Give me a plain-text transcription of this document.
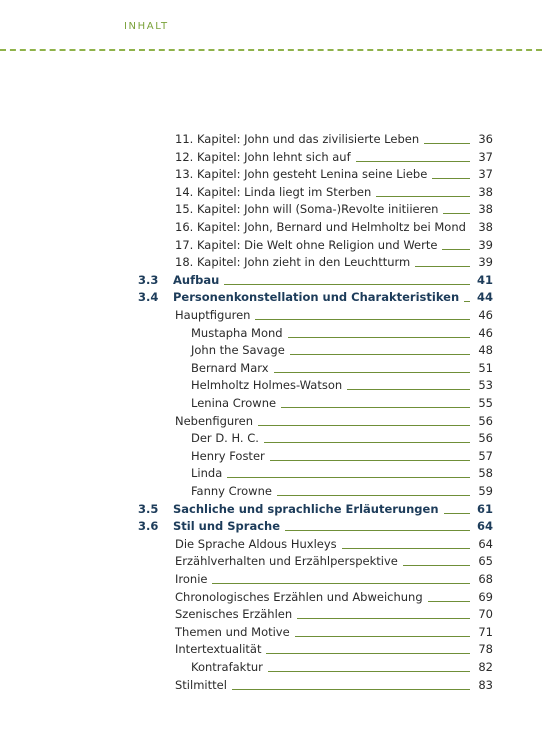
INHALT
11. Kapitel: John und das zivilisierte Leben	36
12. Kapitel: John lehnt sich auf	37
13. Kapitel: John gesteht Lenina seine Liebe	37
14. Kapitel: Linda liegt im Sterben	38
15. Kapitel: John will (Soma-)Revolte initiieren	38
16. Kapitel: John, Bernard und Helmholtz bei Mond 38
17. Kapitel: Die Welt ohne Religion und Werte	39
18. Kapitel: John zieht in den Leuchtturm	39
3.3 Aufbau	41
3.4 Personenkonstellation und Charakteristiken 44
Hauptfiguren	46
Mustapha Mond	46
John the Savage	48
Bernard Marx	51
Helmholtz Holmes-Watson	53
Lenina Crowne	55
Nebenfiguren	56
Der D. H. C.	56
Henry Foster	57
Linda	58
Fanny Crowne	59
3.5 Sachliche und sprachliche Erläuterungen	61
3.6 Stil und Sprache	64
Die Sprache Aldous Huxleys	64
Erzählverhalten und Erzählperspektive	65
Ironie	68
Chronologisches Erzählen und Abweichung	69
Szenisches Erzählen	70
Themen und Motive	71
Intertextualität	78
Kontrafaktur	82
Stilmittel	83
